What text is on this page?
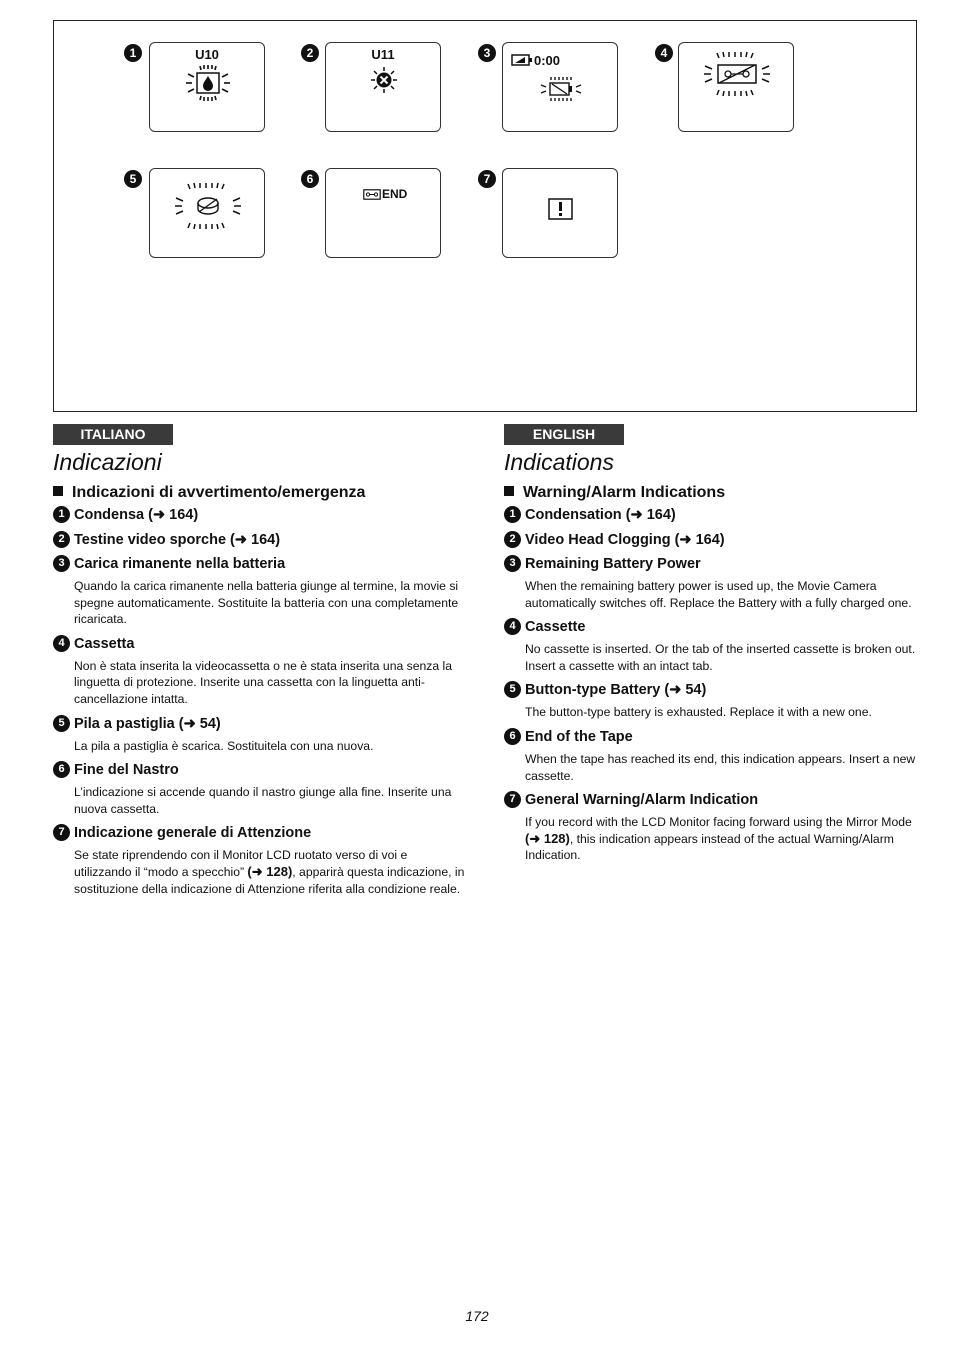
1	U10	2	U11	3	0:00	4
5	6
END
7
ITALIANO
Indicazioni
Indicazioni di avvertimento/emergenza
1 Condensa (➜ 164)
2 Testine video sporche (➜ 164)
3 Carica rimanente nella batteria
Quando la carica rimanente nella batteria giunge al termine, la movie si spegne automaticamente. Sostituite la batteria con una completamente ricaricata.
4 Cassetta
Non è stata inserita la videocassetta o ne è stata inserita una senza la linguetta di protezione. Inserite una cassetta con la linguetta anti-cancellazione intatta.
5 Pila a pastiglia (➜ 54)
La pila a pastiglia è scarica. Sostituitela con una nuova.
6 Fine del Nastro
L’indicazione si accende quando il nastro giunge alla fine. Inserite una nuova cassetta.
7 Indicazione generale di Attenzione
Se state riprendendo con il Monitor LCD ruotato verso di voi e utilizzando il “modo a specchio” (➜ 128), apparirà questa indicazione, in sostituzione della indicazione di Attenzione riferita alla condizione reale.
ENGLISH
Indications
Warning/Alarm Indications
1 Condensation (➜ 164)
2 Video Head Clogging (➜ 164)
3 Remaining Battery Power
When the remaining battery power is used up, the Movie Camera automatically switches off. Replace the Battery with a fully charged one.
4 Cassette
No cassette is inserted. Or the tab of the inserted cassette is broken out. Insert a cassette with an intact tab.
5 Button-type Battery (➜ 54)
The button-type battery is exhausted. Replace it with a new one.
6 End of the Tape
When the tape has reached its end, this indication appears. Insert a new cassette.
7 General Warning/Alarm Indication
If you record with the LCD Monitor facing forward using the Mirror Mode (➜ 128), this indication appears instead of the actual Warning/Alarm Indication.
172
